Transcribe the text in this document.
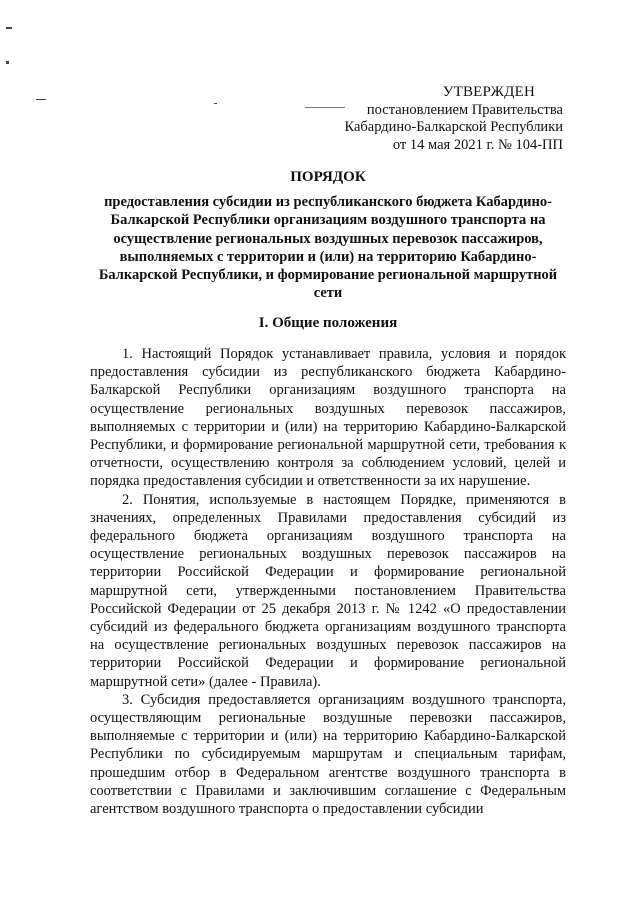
УТВЕРЖДЕН
постановлением Правительства
Кабардино-Балкарской Республики
от 14 мая 2021 г. № 104-ПП
ПОРЯДОК
предоставления субсидии из республиканского бюджета Кабардино-Балкарской Республики организациям воздушного транспорта на осуществление региональных воздушных перевозок пассажиров, выполняемых с территории и (или) на территорию Кабардино-Балкарской Республики, и формирование региональной маршрутной сети
I. Общие положения

1. Настоящий Порядок устанавливает правила, условия и порядок предоставления субсидии из республиканского бюджета Кабардино-Балкарской Республики организациям воздушного транспорта на осуществление региональных воздушных перевозок пассажиров, выполняемых с территории и (или) на территорию Кабардино-Балкарской Республики, и формирование региональной маршрутной сети, требования к отчетности, осуществлению контроля за соблюдением условий, целей и порядка предоставления субсидии и ответственности за их нарушение.

2. Понятия, используемые в настоящем Порядке, применяются в значениях, определенных Правилами предоставления субсидий из федерального бюджета организациям воздушного транспорта на осуществление региональных воздушных перевозок пассажиров на территории Российской Федерации и формирование региональной маршрутной сети, утвержденными постановлением Правительства Российской Федерации от 25 декабря 2013 г. № 1242 «О предоставлении субсидий из федерального бюджета организациям воздушного транспорта на осуществление региональных воздушных перевозок пассажиров на территории Российской Федерации и формирование региональной маршрутной сети» (далее - Правила).

3. Субсидия предоставляется организациям воздушного транспорта, осуществляющим региональные воздушные перевозки пассажиров, выполняемые с территории и (или) на территорию Кабардино-Балкарской Республики по субсидируемым маршрутам и специальным тарифам, прошедшим отбор в Федеральном агентстве воздушного транспорта в соответствии с Правилами и заключившим соглашение с Федеральным агентством воздушного транспорта о предоставлении субсидии
